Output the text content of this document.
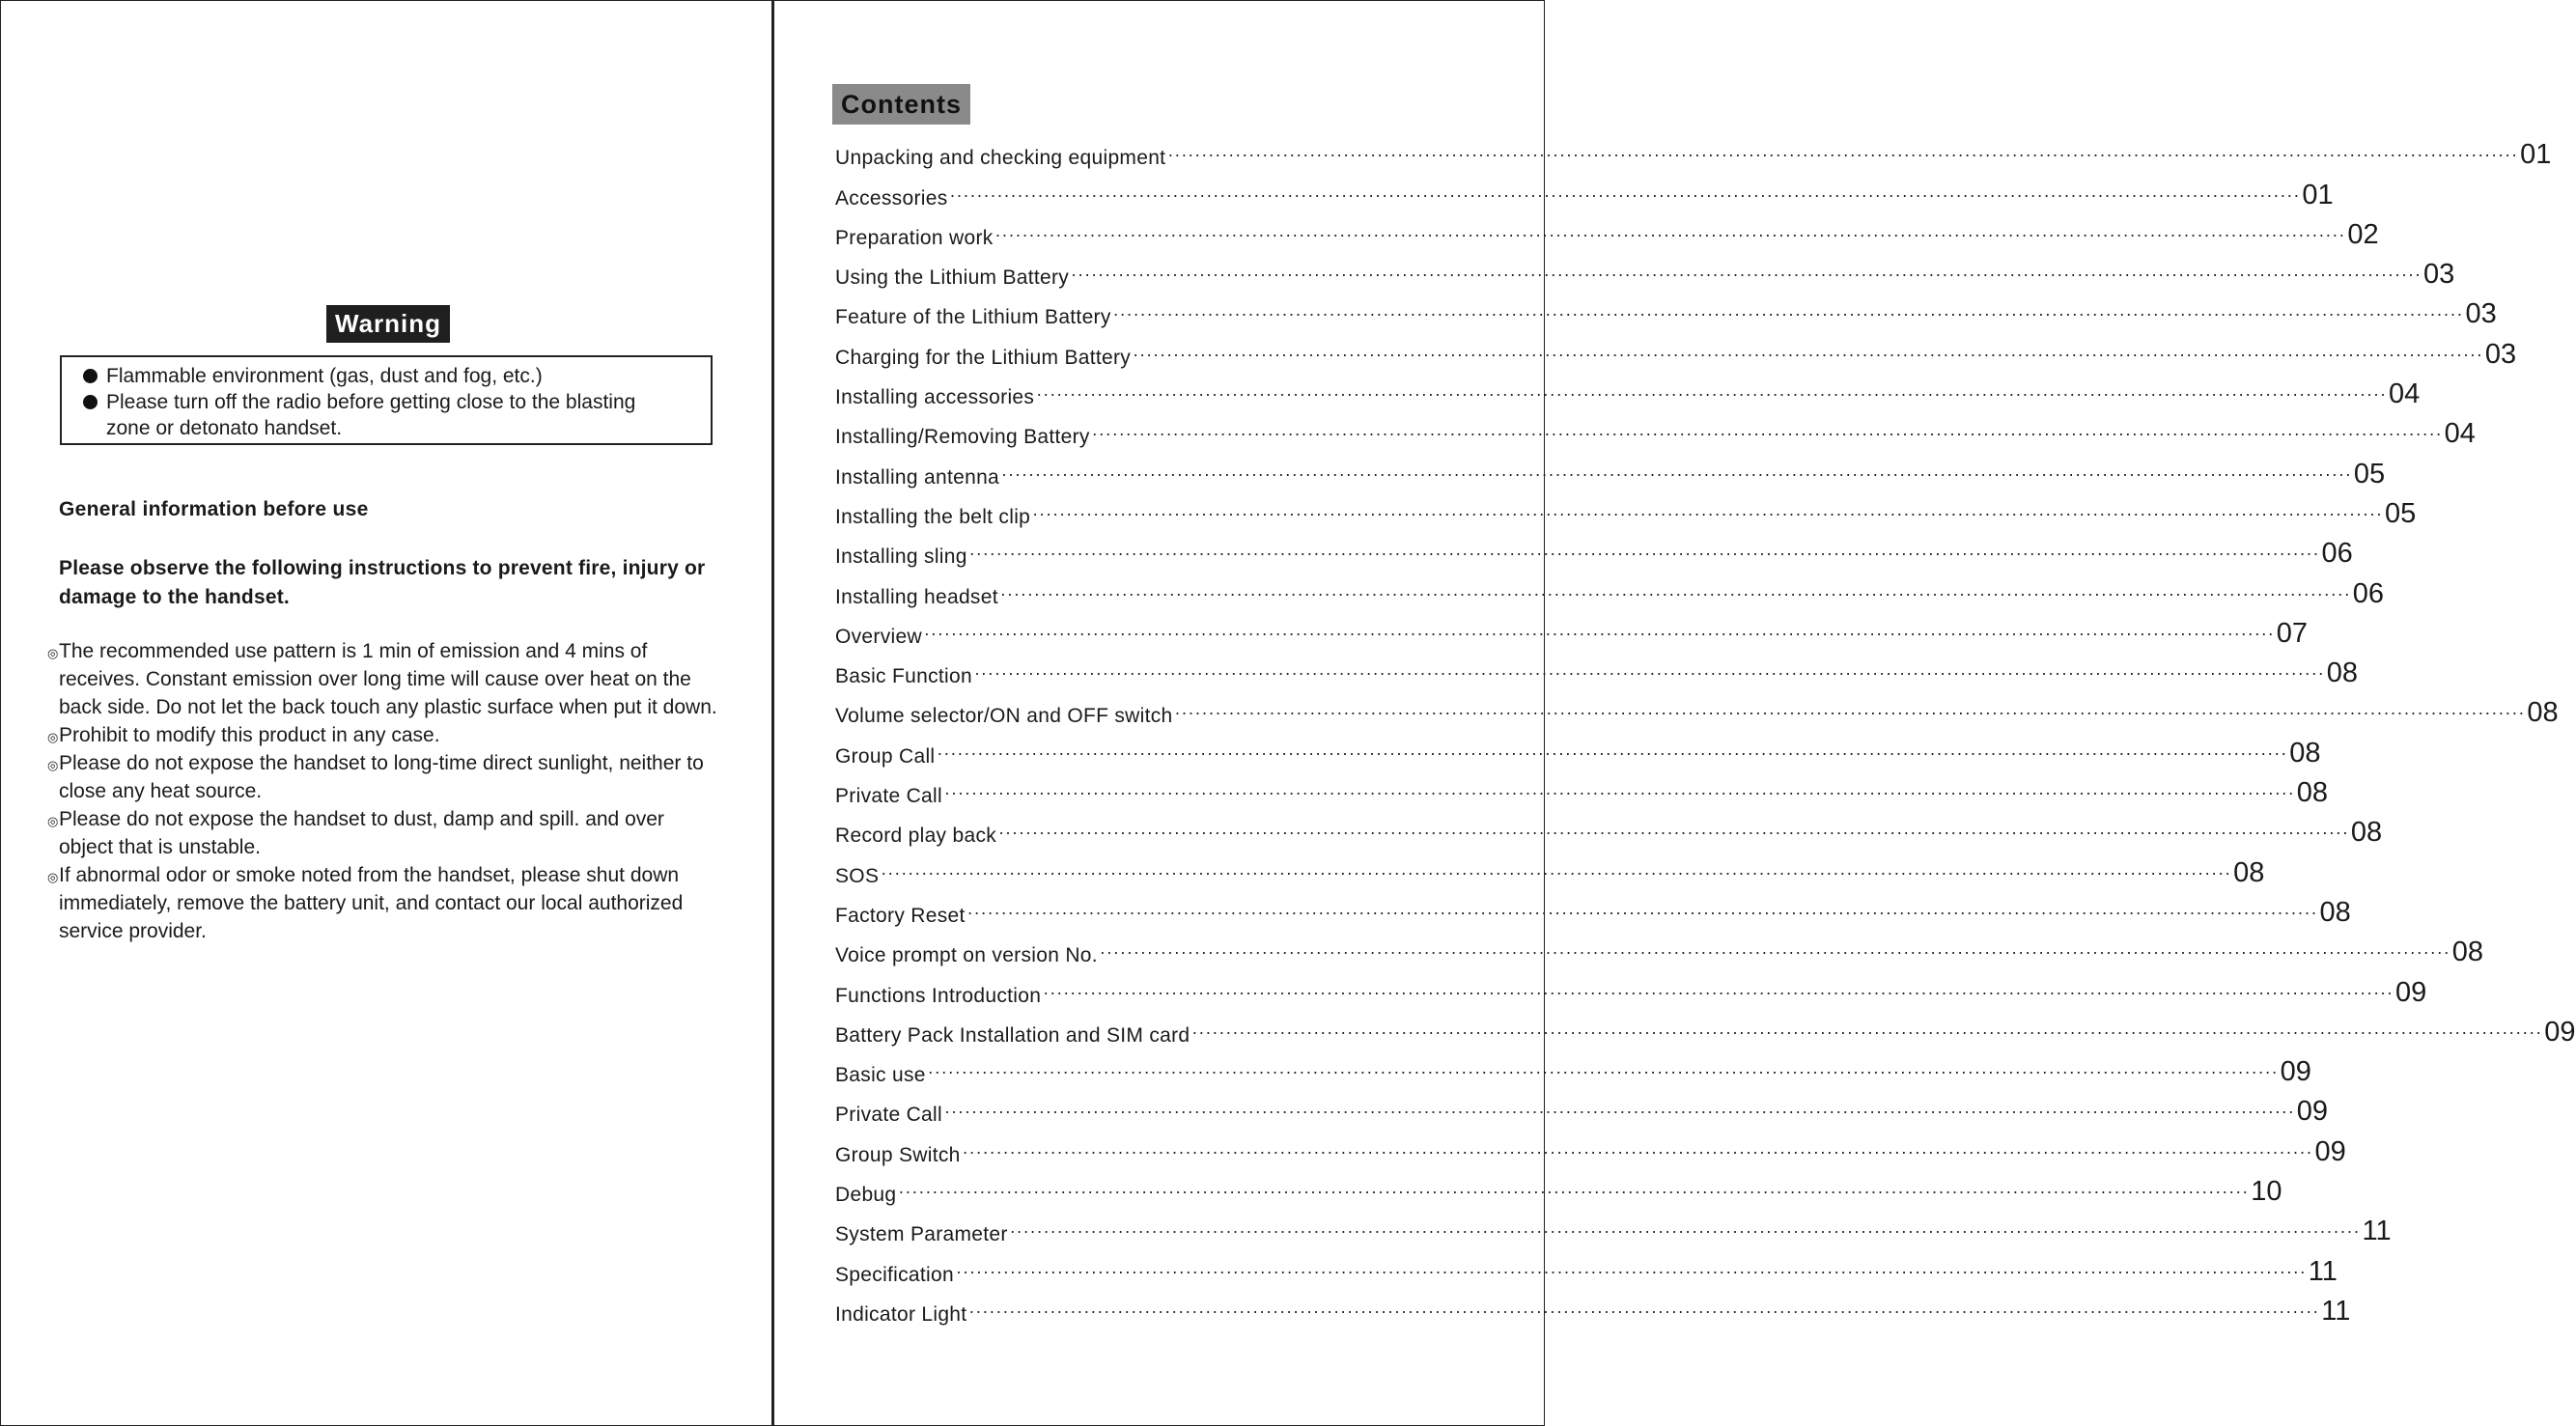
Warning
Flammable environment (gas, dust and fog, etc.)
Please turn off the radio before getting close to the blasting
zone or detonato handset.
General information before use
Please observe the following instructions to prevent fire, injury or damage to the handset.
◎ The recommended use pattern is 1 min of emission and 4 mins of receives. Constant emission over long time will cause over heat on the back side. Do not let the back touch any plastic surface when put it down.
◎ Prohibit to modify this product in any case.
◎ Please do not expose the handset to long-time direct sunlight, neither to close any heat source.
◎ Please do not expose the handset to dust, damp and spill. and over object that is unstable.
◎ If abnormal odor or smoke noted from the handset, please shut down immediately, remove the battery unit, and contact our local authorized service provider.
Contents
Unpacking and checking equipment ········································································································································································································ 01
Accessories ········································································································································································································ 01
Preparation work ········································································································································································································ 02
Using the Lithium Battery ········································································································································································································ 03
Feature of the Lithium Battery ········································································································································································································ 03
Charging for the Lithium Battery ········································································································································································································ 03
Installing accessories ········································································································································································································ 04
Installing/Removing Battery ········································································································································································································ 04
Installing antenna ········································································································································································································ 05
Installing the belt clip ········································································································································································································ 05
Installing sling ········································································································································································································ 06
Installing headset ········································································································································································································ 06
Overview ········································································································································································································ 07
Basic Function ········································································································································································································ 08
Volume selector/ON and OFF switch ········································································································································································································ 08
Group Call ········································································································································································································ 08
Private Call ········································································································································································································ 08
Record play back ········································································································································································································ 08
SOS ········································································································································································································ 08
Factory Reset ········································································································································································································ 08
Voice prompt on version No. ········································································································································································································ 08
Functions Introduction ········································································································································································································ 09
Battery Pack Installation and SIM card ········································································································································································································ 09
Basic use ········································································································································································································ 09
Private Call ········································································································································································································ 09
Group Switch ········································································································································································································ 09
Debug ········································································································································································································ 10
System Parameter ········································································································································································································ 11
Specification ········································································································································································································ 11
Indicator Light ········································································································································································································ 11
